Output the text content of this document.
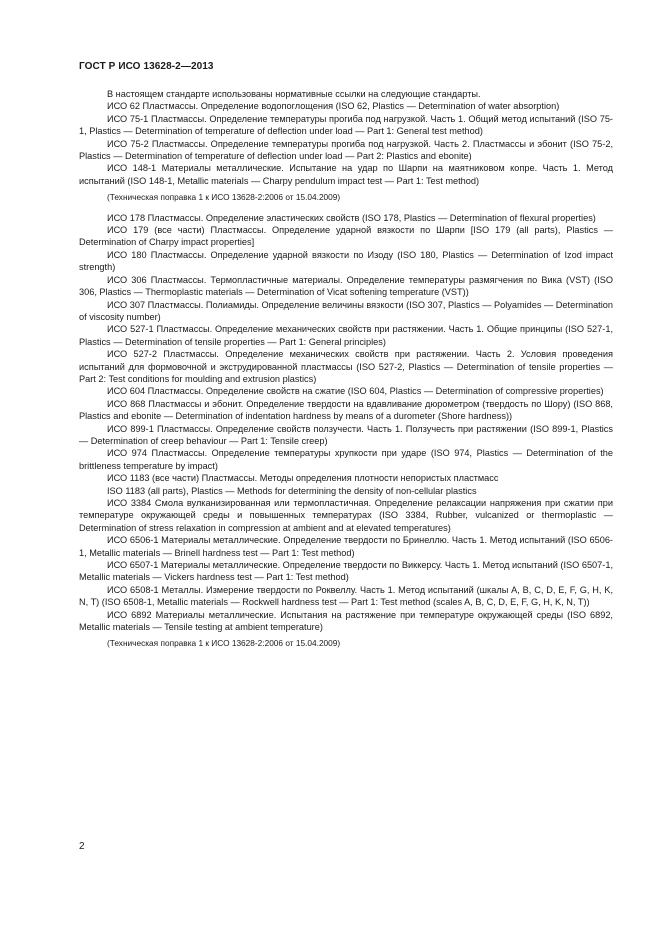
ГОСТ Р ИСО 13628-2—2013

В настоящем стандарте использованы нормативные ссылки на следующие стандарты.

ИСО 62 Пластмассы. Определение водопоглощения (ISO 62, Plastics — Determination of water absorption)

ИСО 75-1 Пластмассы. Определение температуры прогиба под нагрузкой. Часть 1. Общий метод испытаний (ISO 75-1, Plastics — Determination of temperature of deflection under load — Part 1: General test method)

ИСО 75-2 Пластмассы. Определение температуры прогиба под нагрузкой. Часть 2. Пластмассы и эбонит (ISO 75-2, Plastics — Determination of temperature of deflection under load — Part 2: Plastics and ebonite)

ИСО 148-1 Материалы металлические. Испытание на удар по Шарпи на маятниковом копре. Часть 1. Метод испытаний (ISO 148-1, Metallic materials — Charpy pendulum impact test — Part 1: Test method)

(Техническая поправка 1 к ИСО 13628-2:2006 от 15.04.2009)

ИСО 178 Пластмассы. Определение эластических свойств (ISO 178, Plastics — Determination of flexural properties)

ИСО 179 (все части) Пластмассы. Определение ударной вязкости по Шарпи [ISO 179 (all parts), Plastics — Determination of Charpy impact properties]

ИСО 180 Пластмассы. Определение ударной вязкости по Изоду (ISO 180, Plastics — Determination of Izod impact strength)

ИСО 306 Пластмассы. Термопластичные материалы. Определение температуры размягчения по Вика (VST) (ISO 306, Plastics — Thermoplastic materials — Determination of Vicat softening temperature (VST))

ИСО 307 Пластмассы. Полиамиды. Определение величины вязкости (ISO 307, Plastics — Polyamides — Determination of viscosity number)

ИСО 527-1 Пластмассы. Определение механических свойств при растяжении. Часть 1. Общие принципы (ISO 527-1, Plastics — Determination of tensile properties — Part 1: General principles)

ИСО 527-2 Пластмассы. Определение механических свойств при растяжении. Часть 2. Условия проведения испытаний для формовочной и экструдированной пластмассы (ISO 527-2, Plastics — Determination of tensile properties — Part 2: Test conditions for moulding and extrusion plastics)

ИСО 604 Пластмассы. Определение свойств на сжатие (ISO 604, Plastics — Determination of compressive properties)

ИСО 868 Пластмассы и эбонит. Определение твердости на вдавливание дюрометром (твердость по Шору) (ISO 868, Plastics and ebonite — Determination of indentation hardness by means of a durometer (Shore hardness))

ИСО 899-1 Пластмассы. Определение свойств ползучести. Часть 1. Ползучесть при растяжении (ISO 899-1, Plastics — Determination of creep behaviour — Part 1: Tensile creep)

ИСО 974 Пластмассы. Определение температуры хрупкости при ударе (ISO 974, Plastics — Determination of the brittleness temperature by impact)

ИСО 1183 (все части) Пластмассы. Методы определения плотности непористых пластмасс

ISO 1183 (all parts), Plastics — Methods for determining the density of non-cellular plastics

ИСО 3384 Смола вулканизированная или термопластичная. Определение релаксации напряжения при сжатии при температуре окружающей среды и повышенных температурах (ISO 3384, Rubber, vulcanized or thermoplastic — Determination of stress relaxation in compression at ambient and at elevated temperatures)

ИСО 6506-1 Материалы металлические. Определение твердости по Бринеллю. Часть 1. Метод испытаний (ISO 6506-1, Metallic materials — Brinell hardness test — Part 1: Test method)

ИСО 6507-1 Материалы металлические. Определение твердости по Виккерсу. Часть 1. Метод испытаний (ISO 6507-1, Metallic materials — Vickers hardness test — Part 1: Test method)

ИСО 6508-1 Металлы. Измерение твердости по Роквеллу. Часть 1. Метод испытаний (шкалы A, B, C, D, E, F, G, H, K, N, T) (ISO 6508-1, Metallic materials — Rockwell hardness test — Part 1: Test method (scales A, B, C, D, E, F, G, H, K, N, T))

ИСО 6892 Материалы металлические. Испытания на растяжение при температуре окружающей среды (ISO 6892, Metallic materials — Tensile testing at ambient temperature)

(Техническая поправка 1 к ИСО 13628-2:2006 от 15.04.2009)
2
